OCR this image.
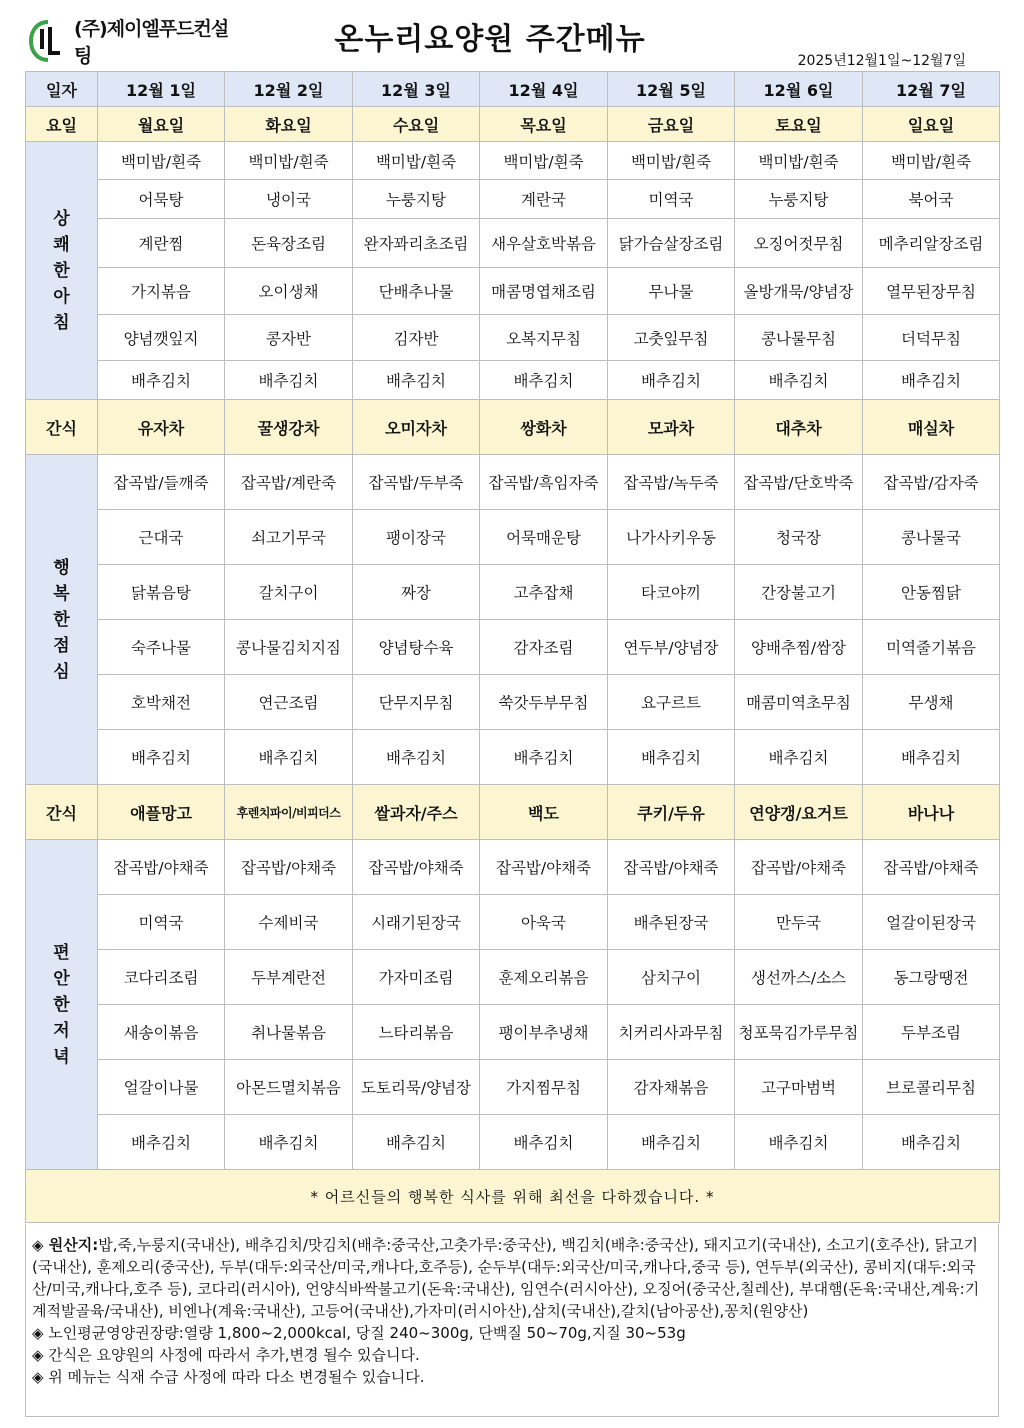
(주)제이엘푸드컨설팅	온누리요양원 주간메뉴
2025년12월1일~12월7일
일자	12월 1일	12월 2일	12월 3일	12월 4일	12월 5일	12월 6일	12월 7일
요일	월요일	화요일	수요일	목요일	금요일	토요일	일요일

상
쾌
한
아
침	백미밥/흰죽	백미밥/흰죽	백미밥/흰죽	백미밥/흰죽	백미밥/흰죽	백미밥/흰죽	백미밥/흰죽
	어묵탕	냉이국	누룽지탕	계란국	미역국	누룽지탕	북어국
	계란찜	돈육장조림	완자꽈리초조림	새우살호박볶음	닭가슴살장조림	오징어젓무침	메추리알장조림
	가지볶음	오이생채	단배추나물	매콤명엽채조림	무나물	올방개묵/양념장	열무된장무침
	양념깻잎지	콩자반	김자반	오복지무침	고춧잎무침	콩나물무침	더덕무침
	배추김치	배추김치	배추김치	배추김치	배추김치	배추김치	배추김치
간식	유자차	꿀생강차	오미자차	쌍화차	모과차	대추차	매실차

행
복
한
점
심	잡곡밥/들깨죽	잡곡밥/계란죽	잡곡밥/두부죽	잡곡밥/흑임자죽	잡곡밥/녹두죽	잡곡밥/단호박죽	잡곡밥/감자죽
	근대국	쇠고기무국	팽이장국	어묵매운탕	나가사키우동	청국장	콩나물국
	닭볶음탕	갈치구이	짜장	고추잡채	타코야끼	간장불고기	안동찜닭
	숙주나물	콩나물김치지짐	양념탕수육	감자조림	연두부/양념장	양배추찜/쌈장	미역줄기볶음
	호박채전	연근조림	단무지무침	쑥갓두부무침	요구르트	매콤미역초무침	무생채
	배추김치	배추김치	배추김치	배추김치	배추김치	배추김치	배추김치
간식	애플망고	후렌치파이/비피더스	쌀과자/주스	백도	쿠키/두유	연양갱/요거트	바나나

편
안
한
저
녁	잡곡밥/야채죽	잡곡밥/야채죽	잡곡밥/야채죽	잡곡밥/야채죽	잡곡밥/야채죽	잡곡밥/야채죽	잡곡밥/야채죽
	미역국	수제비국	시래기된장국	아욱국	배추된장국	만두국	얼갈이된장국
	코다리조림	두부계란전	가자미조림	훈제오리볶음	삼치구이	생선까스/소스	동그랑땡전
	새송이볶음	취나물볶음	느타리볶음	팽이부추냉채	치커리사과무침	청포묵김가루무침	두부조림
	얼갈이나물	아몬드멸치볶음	도토리묵/양념장	가지찜무침	감자채볶음	고구마범벅	브로콜리무침
	배추김치	배추김치	배추김치	배추김치	배추김치	배추김치	배추김치
* 어르신들의 행복한 식사를 위해 최선을 다하겠습니다. *							

◈ 원산지:밥,죽,누룽지(국내산), 배추김치/맛김치(배추:중국산,고춧가루:중국산), 백김치(배추:중국산), 돼지고기(국내산), 소고기(호주산), 닭고기(국내산), 훈제오리(중국산), 두부(대두:외국산/미국,캐나다,호주등), 순두부(대두:외국산/미국,캐나다,중국 등), 연두부(외국산), 콩비지(대두:외국산/미국,캐나다,호주 등), 코다리(러시아), 언양식바싹불고기(돈육:국내산), 임연수(러시아산), 오징어(중국산,칠레산), 부대햄(돈육:국내산,계육:기계적발골육/국내산), 비엔나(계육:국내산), 고등어(국내산),가자미(러시아산),삼치(국내산),갈치(남아공산),꽁치(원양산)

◈ 노인평균영양권장량:열량 1,800~2,000kcal, 당질 240~300g, 단백질 50~70g,지질 30~53g

◈ 간식은 요양원의 사정에 따라서 추가,변경 될수 있습니다.

◈ 위 메뉴는 식재 수급 사정에 따라 다소 변경될수 있습니다.
